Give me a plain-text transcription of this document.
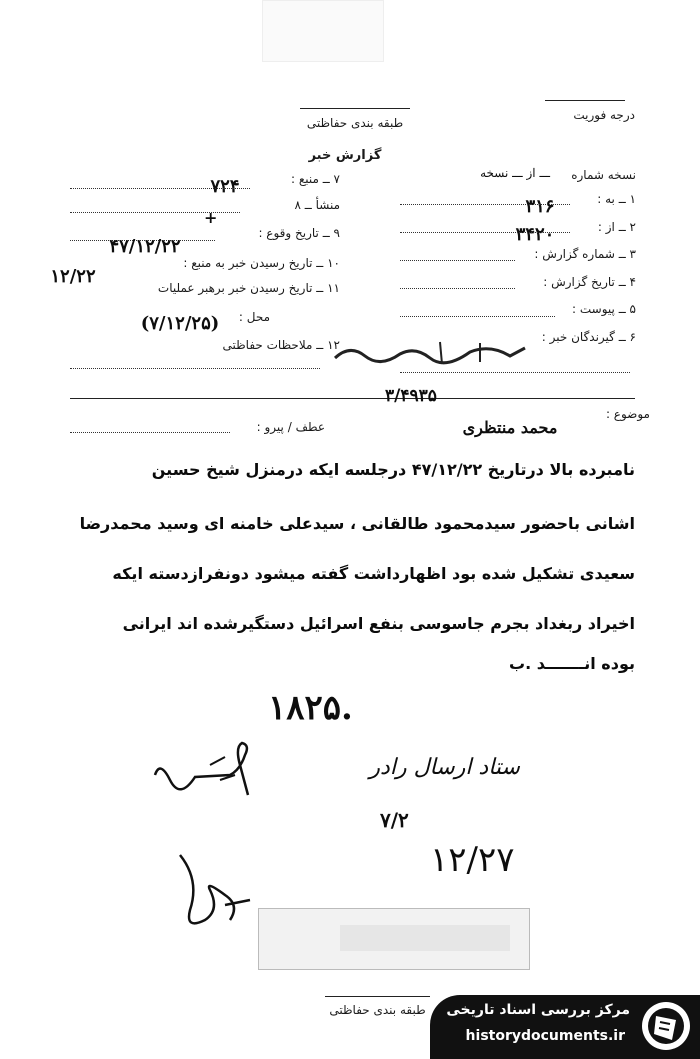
درجه فوریت
طبقه بندی حفاظتی
گزارش خبر
نسخه شماره
ـــ از ـــ نسخه
۱ ــ به :
۳۱۶
۲ ــ از :
۳۴۲۰
۳ ــ شماره گزارش :
۴ ــ تاریخ گزارش :
۵ ــ پیوست :
۶ ــ گیرندگان خبر :
۷ ــ منبع :
۷۲۴
منشأ ــ ۸
۹ ــ تاریخ وقوع :
+
۴۷/۱۲/۲۲
۱۰ ــ تاریخ رسیدن خبر به منبع :
۱۲/۲۲
۱۱ ــ تاریخ رسیدن خبر برهبر عملیات
محل :
(۷/۱۲/۲۵)
۱۲ ــ ملاحظات حفاظتی
موضوع :
محمد منتظری
۳/۴۹۳۵
عطف / پیرو :
نامبرده بالا درتاریخ ۴۷/۱۲/۲۲ درجلسه ایکه درمنزل شیخ حسین
اشانی باحضور سیدمحمود طالقانی ، سیدعلی خامنه ای وسید محمدرضا
سعیدی تشکیل شده بود اظهارداشت گفته میشود دونفرازدسته ایکه
اخیراد ربغداد بجرم جاسوسی بنفع اسرائیل دستگیرشده اند ایرانی
بوده انـــــــد .ب
۱۸۲۵.
ستاد ارسال رادر
۷/۲
۱۲/۲۷
طبقه بندی حفاظتی	مرکز بررسی اسناد تاریخی
historydocuments.ir
